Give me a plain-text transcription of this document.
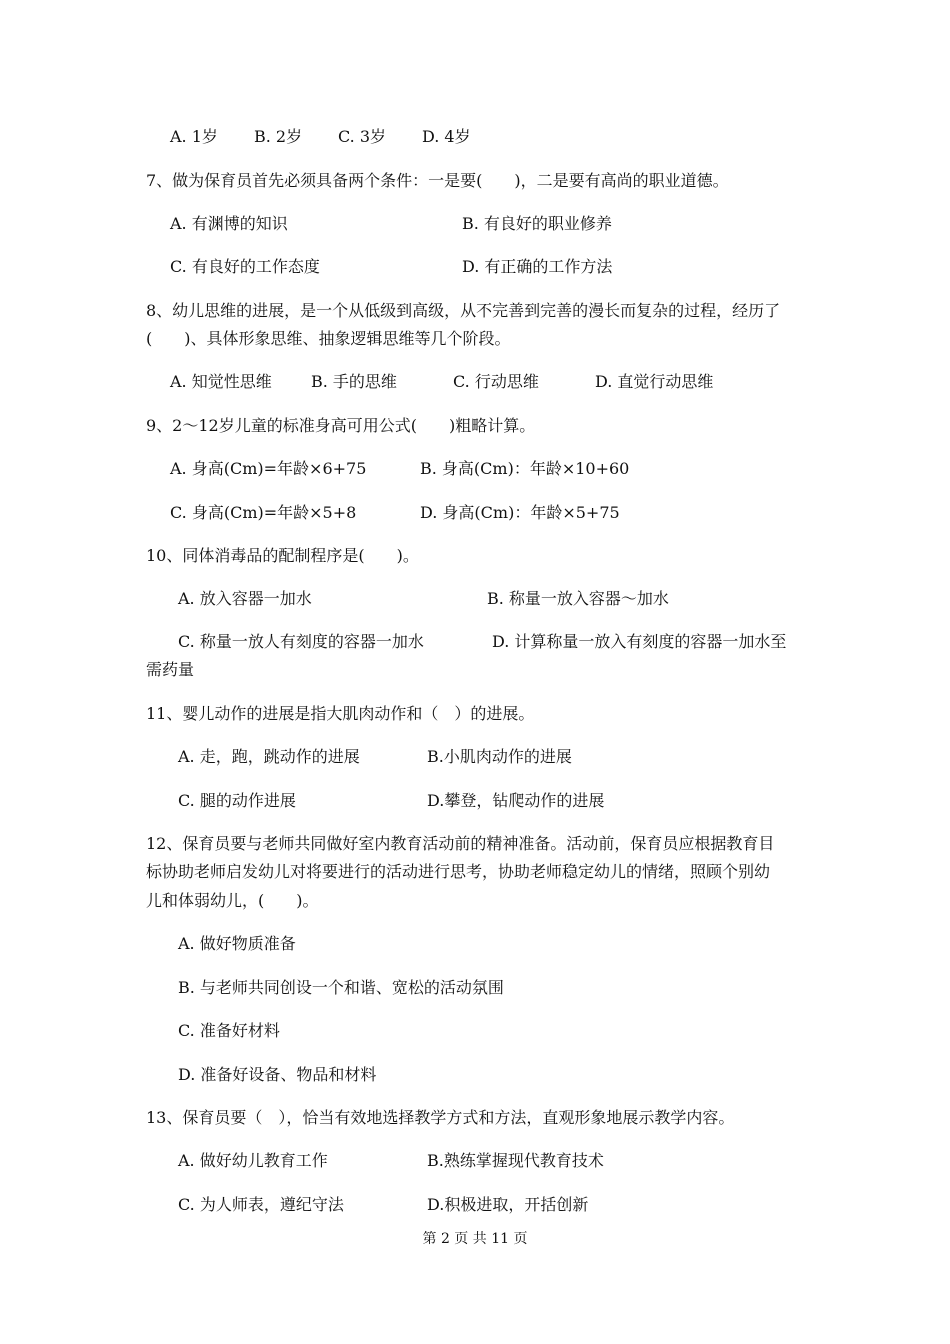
A. 1岁 B. 2岁 C. 3岁 D. 4岁
7、做为保育员首先必须具备两个条件：一是要(　　)，二是要有高尚的职业道德。
A. 有渊博的知识	B. 有良好的职业修养
C. 有良好的工作态度	D. 有正确的工作方法
8、幼儿思维的进展，是一个从低级到高级，从不完善到完善的漫长而复杂的过程，经历了
(　　)、具体形象思维、抽象逻辑思维等几个阶段。
A. 知觉性思维 B. 手的思维	C. 行动思维	D. 直觉行动思维
9、2～12岁儿童的标准身高可用公式(　　)粗略计算。
A. 身高(Cm)=年龄×6+75	B. 身高(Cm)：年龄×10+60
C. 身高(Cm)=年龄×5+8	D. 身高(Cm)：年龄×5+75
10、同体消毒品的配制程序是(　　)。
A. 放入容器一加水	B. 称量一放入容器～加水
C. 称量一放人有刻度的容器一加水	D. 计算称量一放入有刻度的容器一加水至
需药量
11、婴儿动作的进展是指大肌肉动作和（　）的进展。
A. 走，跑，跳动作的进展	B.小肌肉动作的进展
C. 腿的动作进展	D.攀登，钻爬动作的进展
12、保育员要与老师共同做好室内教育活动前的精神准备。活动前，保育员应根据教育目
标协助老师启发幼儿对将要进行的活动进行思考，协助老师稳定幼儿的情绪，照顾个别幼
儿和体弱幼儿，(　　)。
A. 做好物质准备
B. 与老师共同创设一个和谐、宽松的活动氛围
C. 准备好材料
D. 准备好设备、物品和材料
13、保育员要（　），恰当有效地选择教学方式和方法，直观形象地展示教学内容。
A. 做好幼儿教育工作	B.熟练掌握现代教育技术
C. 为人师表，遵纪守法	D.积极进取，开括创新
第 2 页 共 11 页
